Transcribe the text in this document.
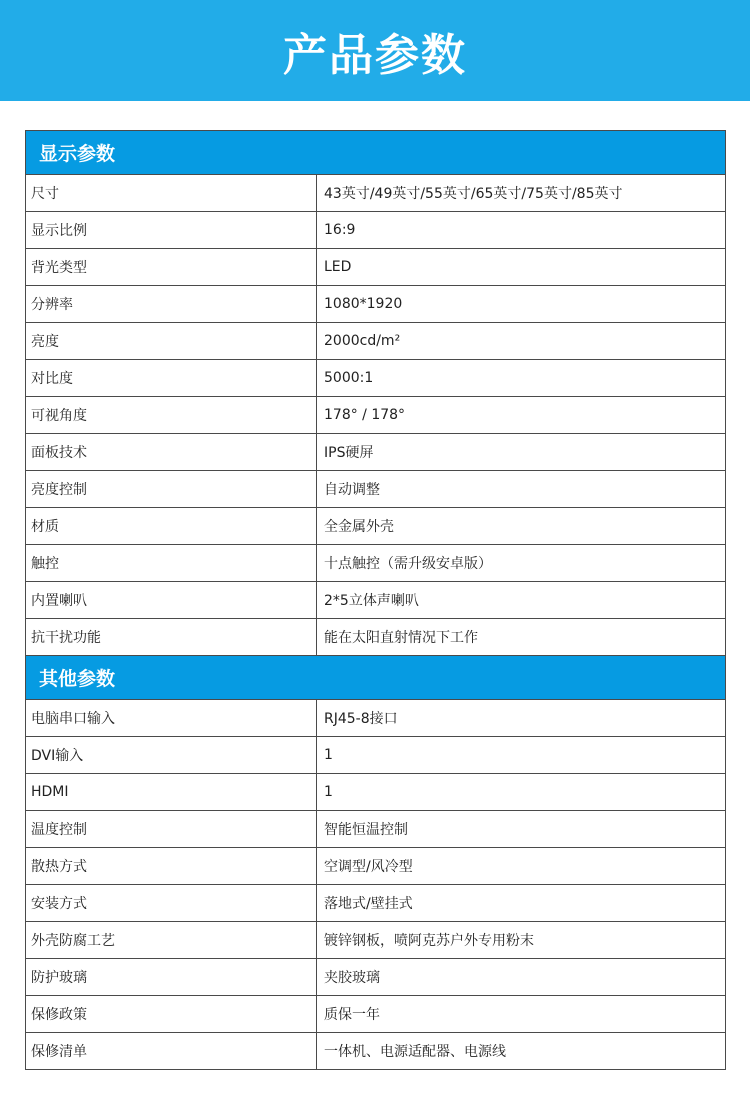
产品参数
显示参数	
尺寸	43英寸/49英寸/55英寸/65英寸/75英寸/85英寸
显示比例	16:9
背光类型	LED
分辨率	1080*1920
亮度	2000cd/m²
对比度	5000:1
可视角度	178° / 178°
面板技术	IPS硬屏
亮度控制	自动调整
材质	全金属外壳
触控	十点触控（需升级安卓版）
内置喇叭	2*5立体声喇叭
抗干扰功能	能在太阳直射情况下工作
其他参数	
电脑串口输入	RJ45-8接口
DVI输入	1
HDMI	1
温度控制	智能恒温控制
散热方式	空调型/风冷型
安装方式	落地式/壁挂式
外壳防腐工艺	镀锌钢板，喷阿克苏户外专用粉末
防护玻璃	夹胶玻璃
保修政策	质保一年
保修清单	一体机、电源适配器、电源线
